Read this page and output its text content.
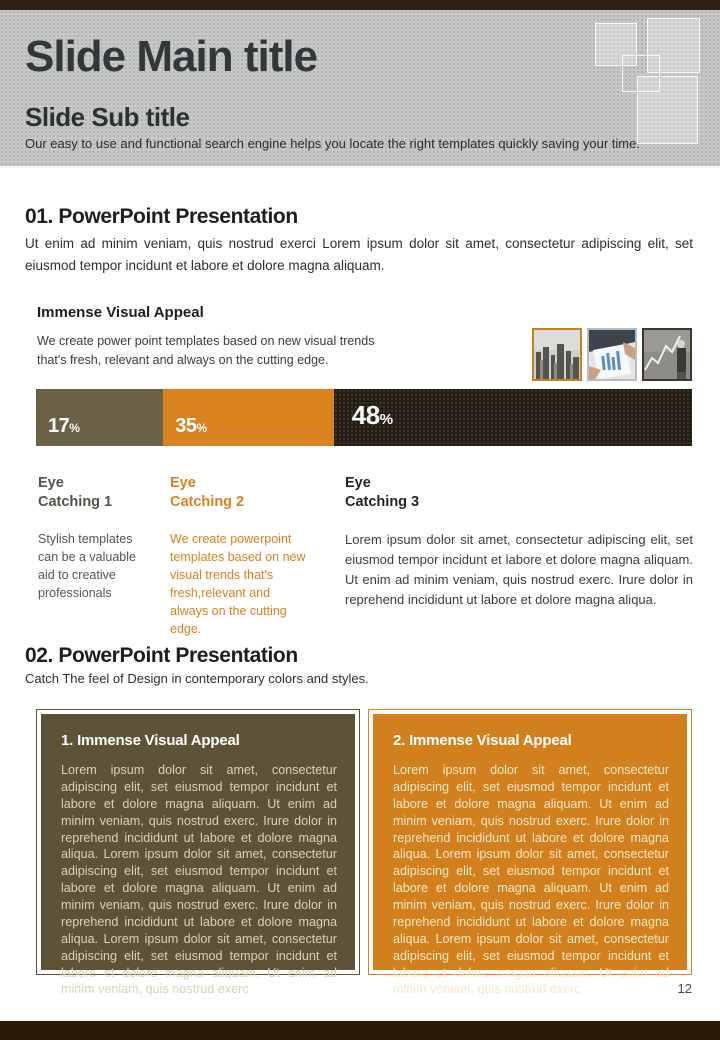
Slide Main title
Slide Sub title
Our easy to use and functional search engine helps you locate the right templates quickly saving your time.
01. PowerPoint Presentation
Ut enim ad minim veniam, quis nostrud exerci Lorem ipsum dolor sit amet, consectetur adipiscing elit, set eiusmod tempor incidunt et labore et dolore magna aliquam.
Immense Visual Appeal
We create power point templates based on new visual trends that's fresh, relevant and always on the cutting edge.
17%	35%	48%
Eye
Catching 1
Stylish templates can be a valuable aid to creative professionals
Eye
Catching 2
We create powerpoint templates based on new visual trends that's fresh,relevant and always on the cutting edge.
Eye
Catching 3
Lorem ipsum dolor sit amet, consectetur adipiscing elit, set eiusmod tempor incidunt et labore et dolore magna aliquam. Ut enim ad minim veniam, quis nostrud exerc. Irure dolor in reprehend incididunt ut labore et dolore magna aliqua.
02. PowerPoint Presentation
Catch The feel of Design in contemporary colors and styles.
1. Immense Visual Appeal
Lorem ipsum dolor sit amet, consectetur adipiscing elit, set eiusmod tempor incidunt et labore et dolore magna aliquam. Ut enim ad minim veniam, quis nostrud exerc. Irure dolor in reprehend incididunt ut labore et dolore magna aliqua. Lorem ipsum dolor sit amet, consectetur adipiscing elit, set eiusmod tempor incidunt et labore et dolore magna aliquam. Ut enim ad minim veniam, quis nostrud exerc. Irure dolor in reprehend incididunt ut labore et dolore magna aliqua. Lorem ipsum dolor sit amet, consectetur adipiscing elit, set eiusmod tempor incidunt et labore et dolore magna aliquam. Ut enim ad minim veniam, quis nostrud exerc
2. Immense Visual Appeal
Lorem ipsum dolor sit amet, consectetur adipiscing elit, set eiusmod tempor incidunt et labore et dolore magna aliquam. Ut enim ad minim veniam, quis nostrud exerc. Irure dolor in reprehend incididunt ut labore et dolore magna aliqua. Lorem ipsum dolor sit amet, consectetur adipiscing elit, set eiusmod tempor incidunt et labore et dolore magna aliquam. Ut enim ad minim veniam, quis nostrud exerc. Irure dolor in reprehend incididunt ut labore et dolore magna aliqua. Lorem ipsum dolor sit amet, consectetur adipiscing elit, set eiusmod tempor incidunt et labore et dolore magna aliquam. Ut enim ad minim veniam, quis nostrud exerc	12
